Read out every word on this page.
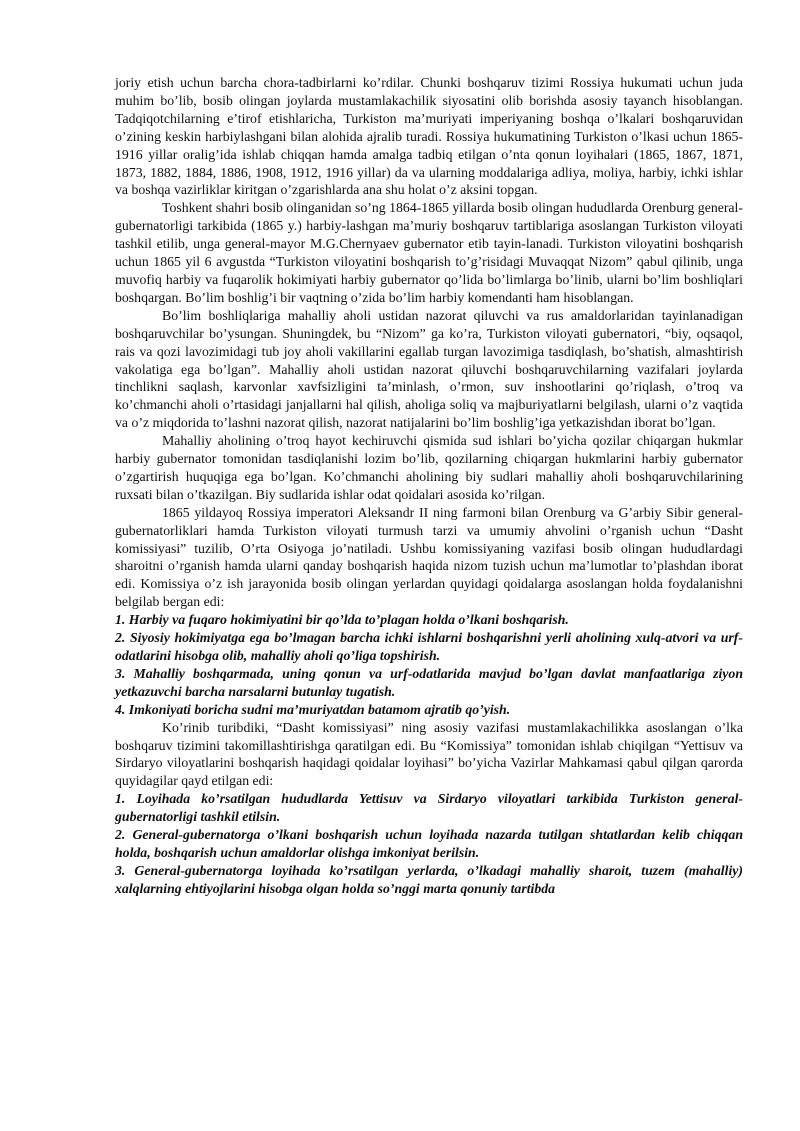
joriy etish uchun barcha chora-tadbirlarni ko’rdilar. Chunki boshqaruv tizimi Rossiya hukumati uchun juda muhim bo’lib, bosib olingan joylarda mustamlakachilik siyosatini olib borishda asosiy tayanch hisoblangan. Tadqiqotchilarning e’tirof etishlaricha, Turkiston ma’muriyati imperiyaning boshqa o’lkalari boshqaruvidan o’zining keskin harbiylashgani bilan alohida ajralib turadi. Rossiya hukumatining Turkiston o’lkasi uchun 1865-1916 yillar oralig’ida ishlab chiqqan hamda amalga tadbiq etilgan o’nta qonun loyihalari (1865, 1867, 1871, 1873, 1882, 1884, 1886, 1908, 1912, 1916 yillar) da va ularning moddalariga adliya, moliya, harbiy, ichki ishlar va boshqa vazirliklar kiritgan o’zgarishlarda ana shu holat o’z aksini topgan.

Toshkent shahri bosib olinganidan so’ng 1864-1865 yillarda bosib olingan hududlarda Orenburg general-gubernatorligi tarkibida (1865 y.) harbiy-lashgan ma’muriy boshqaruv tartiblariga asoslangan Turkiston viloyati tashkil etilib, unga general-mayor M.G.Chernyaev gubernator etib tayin-lanadi. Turkiston viloyatini boshqarish uchun 1865 yil 6 avgustda “Turkiston viloyatini boshqarish to’g’risidagi Muvaqqat Nizom” qabul qilinib, unga muvofiq harbiy va fuqarolik hokimiyati harbiy gubernator qo’lida bo’limlarga bo’linib, ularni bo’lim boshliqlari boshqargan. Bo’lim boshlig’i bir vaqtning o’zida bo’lim harbiy komendanti ham hisoblangan.

Bo’lim boshliqlariga mahalliy aholi ustidan nazorat qiluvchi va rus amaldorlaridan tayinlanadigan boshqaruvchilar bo’ysungan. Shuningdek, bu “Nizom” ga ko’ra, Turkiston viloyati gubernatori, “biy, oqsaqol, rais va qozi lavozimidagi tub joy aholi vakillarini egallab turgan lavozimiga tasdiqlash, bo’shatish, almashtirish vakolatiga ega bo’lgan”. Mahalliy aholi ustidan nazorat qiluvchi boshqaruvchilarning vazifalari joylarda tinchlikni saqlash, karvonlar xavfsizligini ta’minlash, o’rmon, suv inshootlarini qo’riqlash, o’troq va ko’chmanchi aholi o’rtasidagi janjallarni hal qilish, aholiga soliq va majburiyatlarni belgilash, ularni o’z vaqtida va o’z miqdorida to’lashni nazorat qilish, nazorat natijalarini bo’lim boshlig’iga yetkazishdan iborat bo’lgan.

Mahalliy aholining o’troq hayot kechiruvchi qismida sud ishlari bo’yicha qozilar chiqargan hukmlar harbiy gubernator tomonidan tasdiqlanishi lozim bo’lib, qozilarning chiqargan hukmlarini harbiy gubernator o’zgartirish huquqiga ega bo’lgan. Ko’chmanchi aholining biy sudlari mahalliy aholi boshqaruvchilarining ruxsati bilan o’tkazilgan. Biy sudlarida ishlar odat qoidalari asosida ko’rilgan.

1865 yildayoq Rossiya imperatori Aleksandr II ning farmoni bilan Orenburg va G’arbiy Sibir general-gubernatorliklari hamda Turkiston viloyati turmush tarzi va umumiy ahvolini o’rganish uchun “Dasht komissiyasi” tuzilib, O’rta Osiyoga jo’natiladi. Ushbu komissiyaning vazifasi bosib olingan hududlardagi sharoitni o’rganish hamda ularni qanday boshqarish haqida nizom tuzish uchun ma’lumotlar to’plashdan iborat edi. Komissiya o’z ish jarayonida bosib olingan yerlardan quyidagi qoidalarga asoslangan holda foydalanishni belgilab bergan edi:

1. Harbiy va fuqaro hokimiyatini bir qo’lda to’plagan holda o’lkani boshqarish.

2. Siyosiy hokimiyatga ega bo’lmagan barcha ichki ishlarni boshqarishni yerli aholining xulq-atvori va urf-odatlarini hisobga olib, mahalliy aholi qo’liga topshirish.

3. Mahalliy boshqarmada, uning qonun va urf-odatlarida mavjud bo’lgan davlat manfaatlariga ziyon yetkazuvchi barcha narsalarni butunlay tugatish.

4. Imkoniyati boricha sudni ma’muriyatdan batamom ajratib qo’yish.

Ko’rinib turibdiki, “Dasht komissiyasi” ning asosiy vazifasi mustamlakachilikka asoslangan o’lka boshqaruv tizimini takomillashtirishga qaratilgan edi. Bu “Komissiya” tomonidan ishlab chiqilgan “Yettisuv va Sirdaryo viloyatlarini boshqarish haqidagi qoidalar loyihasi” bo’yicha Vazirlar Mahkamasi qabul qilgan qarorda quyidagilar qayd etilgan edi:

1. Loyihada ko’rsatilgan hududlarda Yettisuv va Sirdaryo viloyatlari tarkibida Turkiston general-gubernatorligi tashkil etilsin.

2. General-gubernatorga o’lkani boshqarish uchun loyihada nazarda tutilgan shtatlardan kelib chiqqan holda, boshqarish uchun amaldorlar olishga imkoniyat berilsin.

3. General-gubernatorga loyihada ko’rsatilgan yerlarda, o’lkadagi mahalliy sharoit, tuzem (mahalliy) xalqlarning ehtiyojlarini hisobga olgan holda so’nggi marta qonuniy tartibda
